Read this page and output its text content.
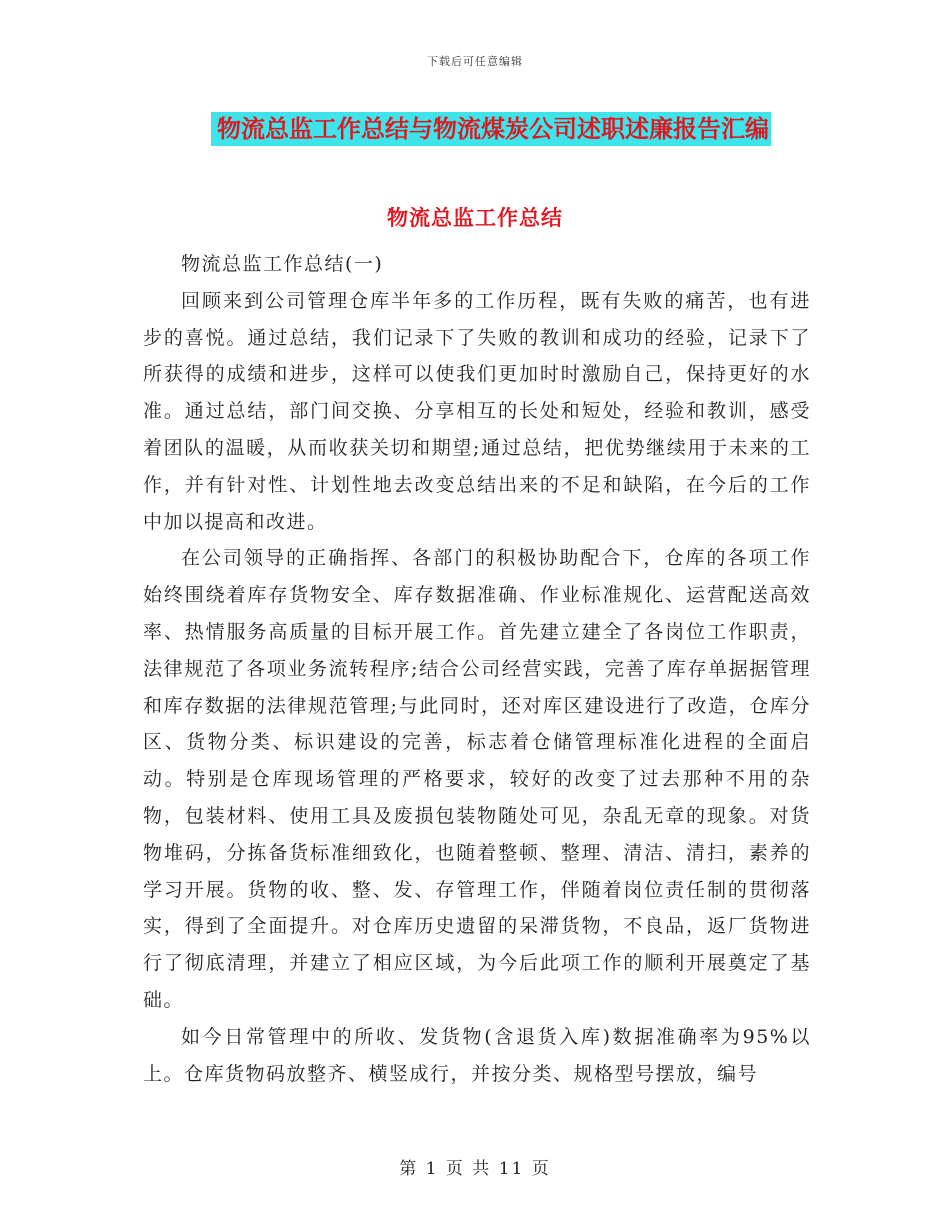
下载后可任意编辑
物流总监工作总结与物流煤炭公司述职述廉报告汇编
物流总监工作总结

物流总监工作总结(一)

回顾来到公司管理仓库半年多的工作历程，既有失败的痛苦，也有进步的喜悦。通过总结，我们记录下了失败的教训和成功的经验，记录下了所获得的成绩和进步，这样可以使我们更加时时激励自己，保持更好的水准。通过总结，部门间交换、分享相互的长处和短处，经验和教训，感受着团队的温暖，从而收获关切和期望;通过总结，把优势继续用于未来的工作，并有针对性、计划性地去改变总结出来的不足和缺陷，在今后的工作中加以提高和改进。

在公司领导的正确指挥、各部门的积极协助配合下，仓库的各项工作始终围绕着库存货物安全、库存数据准确、作业标准规化、运营配送高效率、热情服务高质量的目标开展工作。首先建立建全了各岗位工作职责，法律规范了各项业务流转程序;结合公司经营实践，完善了库存单据据管理和库存数据的法律规范管理;与此同时，还对库区建设进行了改造，仓库分区、货物分类、标识建设的完善，标志着仓储管理标准化进程的全面启动。特别是仓库现场管理的严格要求，较好的改变了过去那种不用的杂物，包装材料、使用工具及废损包装物随处可见，杂乱无章的现象。对货物堆码，分拣备货标准细致化，也随着整顿、整理、清洁、清扫，素养的学习开展。货物的收、整、发、存管理工作，伴随着岗位责任制的贯彻落实，得到了全面提升。对仓库历史遗留的呆滞货物，不良品，返厂货物进行了彻底清理，并建立了相应区域，为今后此项工作的顺利开展奠定了基础。

如今日常管理中的所收、发货物(含退货入库)数据准确率为95%以上。仓库货物码放整齐、横竖成行，并按分类、规格型号摆放，编号

第 1 页 共 11 页
